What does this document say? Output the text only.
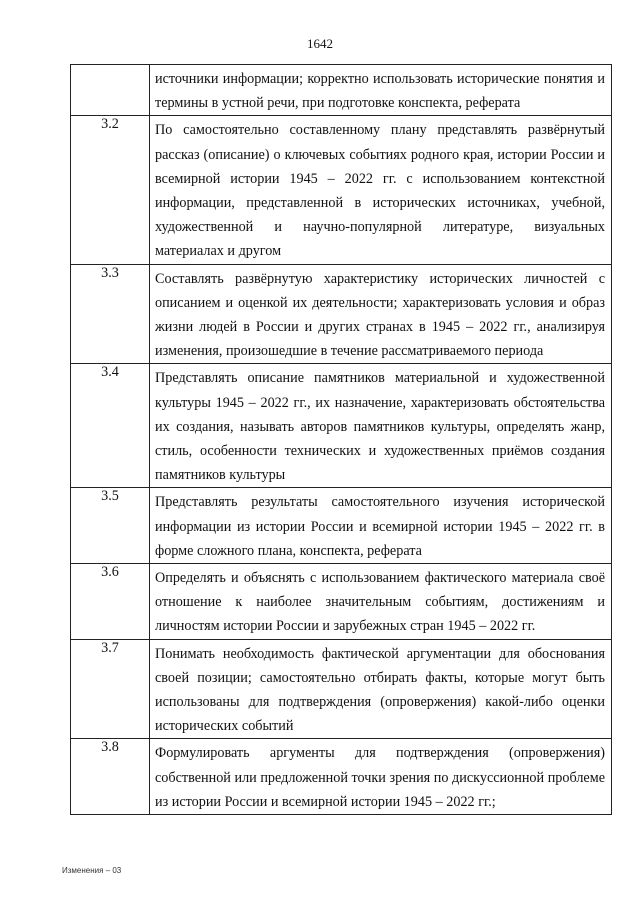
1642
	источники информации; корректно использовать исторические понятия и термины в устной речи, при подготовке конспекта, реферата
3.2	По самостоятельно составленному плану представлять развёрнутый рассказ (описание) о ключевых событиях родного края, истории России и всемирной истории 1945 – 2022 гг. с использованием контекстной информации, представленной в исторических источниках, учебной, художественной и научно-популярной литературе, визуальных материалах и другом
3.3	Составлять развёрнутую характеристику исторических личностей с описанием и оценкой их деятельности; характеризовать условия и образ жизни людей в России и других странах в 1945 – 2022 гг., анализируя изменения, произошедшие в течение рассматриваемого периода
3.4	Представлять описание памятников материальной и художественной культуры 1945 – 2022 гг., их назначение, характеризовать обстоятельства их создания, называть авторов памятников культуры, определять жанр, стиль, особенности технических и художественных приёмов создания памятников культуры
3.5	Представлять результаты самостоятельного изучения исторической информации из истории России и всемирной истории 1945 – 2022 гг. в форме сложного плана, конспекта, реферата
3.6	Определять и объяснять с использованием фактического материала своё отношение к наиболее значительным событиям, достижениям и личностям истории России и зарубежных стран 1945 – 2022 гг.
3.7	Понимать необходимость фактической аргументации для обоснования своей позиции; самостоятельно отбирать факты, которые могут быть использованы для подтверждения (опровержения) какой-либо оценки исторических событий
3.8	Формулировать аргументы для подтверждения (опровержения) собственной или предложенной точки зрения по дискуссионной проблеме из истории России и всемирной истории 1945 – 2022 гг.;
Изменения – 03
